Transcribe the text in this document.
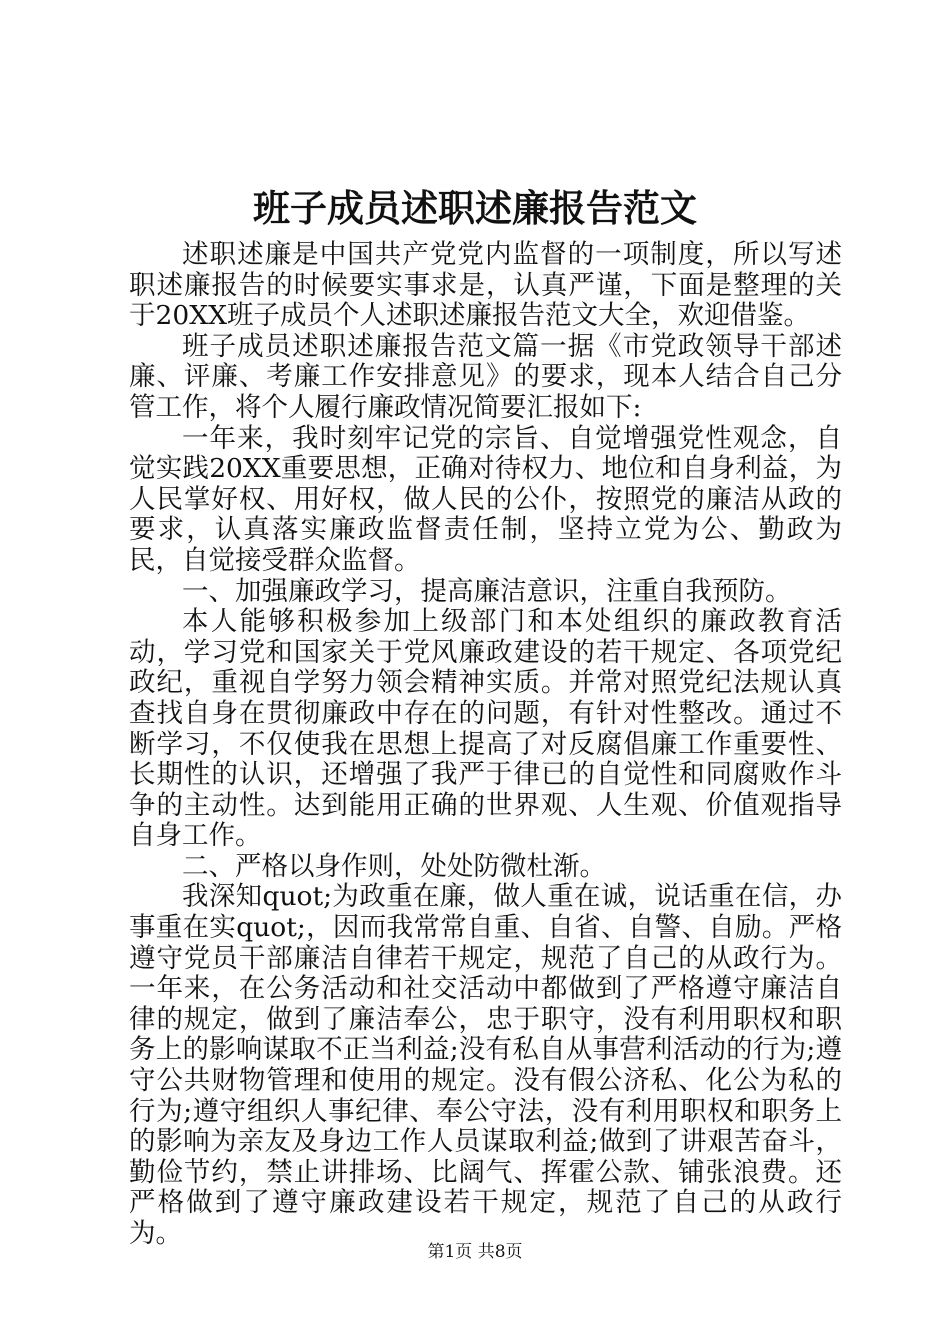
班子成员述职述廉报告范文

述职述廉是中国共产党党内监督的一项制度，所以写述职述廉报告的时候要实事求是，认真严谨，下面是整理的关于20XX班子成员个人述职述廉报告范文大全，欢迎借鉴。

班子成员述职述廉报告范文篇一据《市党政领导干部述廉、评廉、考廉工作安排意见》的要求，现本人结合自己分管工作，将个人履行廉政情况简要汇报如下:

一年来，我时刻牢记党的宗旨、自觉增强党性观念，自觉实践20XX重要思想，正确对待权力、地位和自身利益，为人民掌好权、用好权，做人民的公仆，按照党的廉洁从政的要求，认真落实廉政监督责任制，坚持立党为公、勤政为民，自觉接受群众监督。

一、加强廉政学习，提高廉洁意识，注重自我预防。

本人能够积极参加上级部门和本处组织的廉政教育活动，学习党和国家关于党风廉政建设的若干规定、各项党纪政纪，重视自学努力领会精神实质。并常对照党纪法规认真查找自身在贯彻廉政中存在的问题，有针对性整改。通过不断学习，不仅使我在思想上提高了对反腐倡廉工作重要性、长期性的认识，还增强了我严于律已的自觉性和同腐败作斗争的主动性。达到能用正确的世界观、人生观、价值观指导自身工作。

二、严格以身作则，处处防微杜渐。

我深知quot;为政重在廉，做人重在诚，说话重在信，办事重在实quot;，因而我常常自重、自省、自警、自励。严格遵守党员干部廉洁自律若干规定，规范了自己的从政行为。一年来，在公务活动和社交活动中都做到了严格遵守廉洁自律的规定，做到了廉洁奉公，忠于职守，没有利用职权和职务上的影响谋取不正当利益;没有私自从事营利活动的行为;遵守公共财物管理和使用的规定。没有假公济私、化公为私的行为;遵守组织人事纪律、奉公守法，没有利用职权和职务上的影响为亲友及身边工作人员谋取利益;做到了讲艰苦奋斗，勤俭节约，禁止讲排场、比阔气、挥霍公款、铺张浪费。还严格做到了遵守廉政建设若干规定，规范了自己的从政行为。

第1页 共8页
